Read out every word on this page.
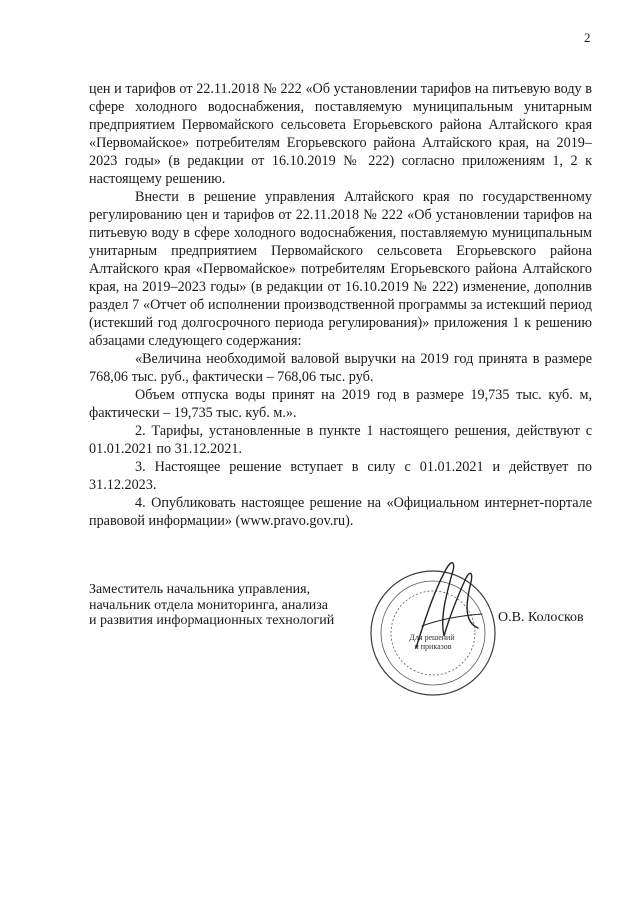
2

цен и тарифов от 22.11.2018 № 222 «Об установлении тарифов на питьевую воду в сфере холодного водоснабжения, поставляемую муниципальным унитарным предприятием Первомайского сельсовета Егорьевского района Алтайского края «Первомайское» потребителям Егорьевского района Алтайского края, на 2019–2023 годы» (в редакции от 16.10.2019 № 222) согласно приложениям 1, 2 к настоящему решению.

Внести в решение управления Алтайского края по государственному регулированию цен и тарифов от 22.11.2018 № 222 «Об установлении тарифов на питьевую воду в сфере холодного водоснабжения, поставляемую муниципальным унитарным предприятием Первомайского сельсовета Егорьевского района Алтайского края «Первомайское» потребителям Егорьевского района Алтайского края, на 2019–2023 годы» (в редакции от 16.10.2019 № 222) изменение, дополнив раздел 7 «Отчет об исполнении производственной программы за истекший период (истекший год долгосрочного периода регулирования)» приложения 1 к решению абзацами следующего содержания:

«Величина необходимой валовой выручки на 2019 год принята в размере 768,06 тыс. руб., фактически – 768,06 тыс. руб.

Объем отпуска воды принят на 2019 год в размере 19,735 тыс. куб. м, фактически – 19,735 тыс. куб. м.».

2. Тарифы, установленные в пункте 1 настоящего решения, действуют с 01.01.2021 по 31.12.2021.

3. Настоящее решение вступает в силу с 01.01.2021 и действует по 31.12.2023.

4. Опубликовать настоящее решение на «Официальном интернет-портале правовой информации» (www.pravo.gov.ru).

Заместитель начальника управления,
начальник отдела мониторинга, анализа
и развития информационных технологий
Для решений и приказов
О.В. Колосков
